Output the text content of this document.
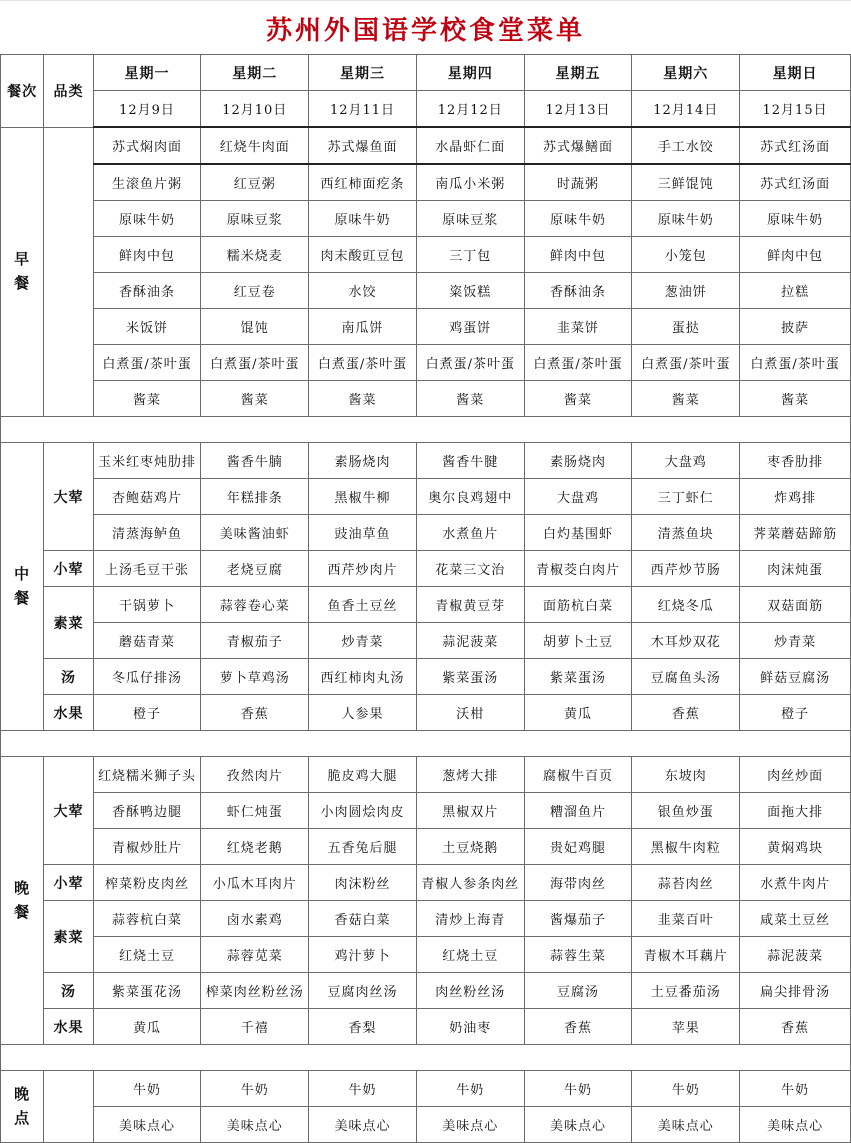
苏州外国语学校食堂菜单
餐次	品类	星期一	星期二	星期三	星期四	星期五	星期六	星期日
		12月9日	12月10日	12月11日	12月12日	12月13日	12月14日	12月15日
早餐		苏式焖肉面	红烧牛肉面	苏式爆鱼面	水晶虾仁面	苏式爆鳝面	手工水饺	苏式红汤面
		生滚鱼片粥	红豆粥	西红柿面疙条	南瓜小米粥	时蔬粥	三鲜馄饨	苏式红汤面
		原味牛奶	原味豆浆	原味牛奶	原味豆浆	原味牛奶	原味牛奶	原味牛奶
		鲜肉中包	糯米烧麦	肉末酸豇豆包	三丁包	鲜肉中包	小笼包	鲜肉中包
		香酥油条	红豆卷	水饺	粢饭糕	香酥油条	葱油饼	拉糕
		米饭饼	馄饨	南瓜饼	鸡蛋饼	韭菜饼	蛋挞	披萨
		白煮蛋/茶叶蛋	白煮蛋/茶叶蛋	白煮蛋/茶叶蛋	白煮蛋/茶叶蛋	白煮蛋/茶叶蛋	白煮蛋/茶叶蛋	白煮蛋/茶叶蛋
		酱菜	酱菜	酱菜	酱菜	酱菜	酱菜	酱菜

中餐	大荤	玉米红枣炖肋排	酱香牛腩	素肠烧肉	酱香牛腱	素肠烧肉	大盘鸡	枣香肋排
		杏鲍菇鸡片	年糕排条	黑椒牛柳	奥尔良鸡翅中	大盘鸡	三丁虾仁	炸鸡排
		清蒸海鲈鱼	美味酱油虾	豉油草鱼	水煮鱼片	白灼基围虾	清蒸鱼块	荠菜蘑菇蹄筋
	小荤	上汤毛豆干张	老烧豆腐	西芹炒肉片	花菜三文治	青椒茭白肉片	西芹炒节肠	肉沫炖蛋
	素菜	干锅萝卜	蒜蓉卷心菜	鱼香土豆丝	青椒黄豆芽	面筋杭白菜	红烧冬瓜	双菇面筋
		蘑菇青菜	青椒茄子	炒青菜	蒜泥菠菜	胡萝卜土豆	木耳炒双花	炒青菜
	汤	冬瓜仔排汤	萝卜草鸡汤	西红柿肉丸汤	紫菜蛋汤	紫菜蛋汤	豆腐鱼头汤	鲜菇豆腐汤
	水果	橙子	香蕉	人参果	沃柑	黄瓜	香蕉	橙子

晚餐	大荤	红烧糯米狮子头	孜然肉片	脆皮鸡大腿	葱烤大排	腐椒牛百页	东坡肉	肉丝炒面
		香酥鸭边腿	虾仁炖蛋	小肉圆烩肉皮	黑椒双片	糟溜鱼片	银鱼炒蛋	面拖大排
		青椒炒肚片	红烧老鹅	五香兔后腿	土豆烧鹅	贵妃鸡腿	黑椒牛肉粒	黄焖鸡块
	小荤	榨菜粉皮肉丝	小瓜木耳肉片	肉沫粉丝	青椒人参条肉丝	海带肉丝	蒜苔肉丝	水煮牛肉片
	素菜	蒜蓉杭白菜	卤水素鸡	香菇白菜	清炒上海青	酱爆茄子	韭菜百叶	咸菜土豆丝
		红烧土豆	蒜蓉苋菜	鸡汁萝卜	红烧土豆	蒜蓉生菜	青椒木耳藕片	蒜泥菠菜
	汤	紫菜蛋花汤	榨菜肉丝粉丝汤	豆腐肉丝汤	肉丝粉丝汤	豆腐汤	土豆番茄汤	扁尖排骨汤
	水果	黄瓜	千禧	香梨	奶油枣	香蕉	苹果	香蕉

晚点		牛奶	牛奶	牛奶	牛奶	牛奶	牛奶	牛奶
		美味点心	美味点心	美味点心	美味点心	美味点心	美味点心	美味点心
